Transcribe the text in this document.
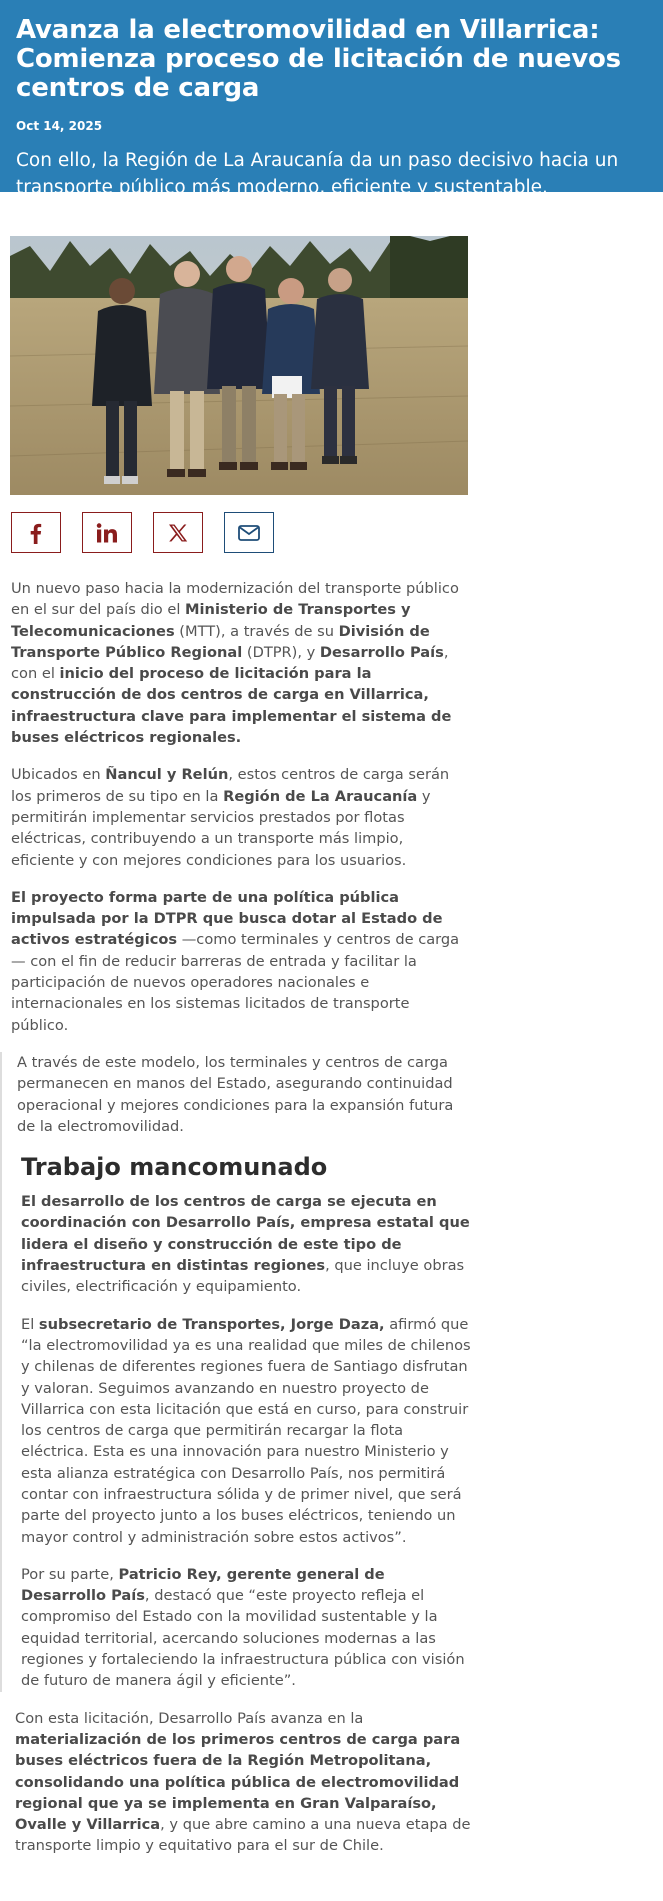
Avanza la electromovilidad en Villarrica: Comienza proceso de licitación de nuevos centros de carga

Oct 14, 2025

Con ello, la Región de La Araucanía da un paso decisivo hacia un
transporte público más moderno, eficiente y sustentable.

Un nuevo paso hacia la modernización del transporte público en el sur del país dio el Ministerio de Transportes y Telecomunicaciones (MTT), a través de su División de Transporte Público Regional (DTPR), y Desarrollo País, con el inicio del proceso de licitación para la construcción de dos centros de carga en Villarrica, infraestructura clave para implementar el sistema de buses eléctricos regionales.

Ubicados en Ñancul y Relún, estos centros de carga serán los primeros de su tipo en la Región de La Araucanía y permitirán implementar servicios prestados por flotas eléctricas, contribuyendo a un transporte más limpio, eficiente y con mejores condiciones para los usuarios.

El proyecto forma parte de una política pública impulsada por la DTPR que busca dotar al Estado de activos estratégicos —como terminales y centros de carga— con el fin de reducir barreras de entrada y facilitar la participación de nuevos operadores nacionales e internacionales en los sistemas licitados de transporte público.

A través de este modelo, los terminales y centros de carga permanecen en manos del Estado, asegurando continuidad operacional y mejores condiciones para la expansión futura de la electromovilidad.

Trabajo mancomunado

El desarrollo de los centros de carga se ejecuta en coordinación con Desarrollo País, empresa estatal que lidera el diseño y construcción de este tipo de infraestructura en distintas regiones, que incluye obras civiles, electrificación y equipamiento.

El subsecretario de Transportes, Jorge Daza, afirmó que “la electromovilidad ya es una realidad que miles de chilenos y chilenas de diferentes regiones fuera de Santiago disfrutan y valoran. Seguimos avanzando en nuestro proyecto de Villarrica con esta licitación que está en curso, para construir los centros de carga que permitirán recargar la flota eléctrica. Esta es una innovación para nuestro Ministerio y esta alianza estratégica con Desarrollo País, nos permitirá contar con infraestructura sólida y de primer nivel, que será parte del proyecto junto a los buses eléctricos, teniendo un mayor control y administración sobre estos activos”.

Por su parte, Patricio Rey, gerente general de Desarrollo País, destacó que “este proyecto refleja el compromiso del Estado con la movilidad sustentable y la equidad territorial, acercando soluciones modernas a las regiones y fortaleciendo la infraestructura pública con visión de futuro de manera ágil y eficiente”.

Con esta licitación, Desarrollo País avanza en la materialización de los primeros centros de carga para buses eléctricos fuera de la Región Metropolitana, consolidando una política pública de electromovilidad regional que ya se implementa en Gran Valparaíso, Ovalle y Villarrica, y que abre camino a una nueva etapa de transporte limpio y equitativo para el sur de Chile.
